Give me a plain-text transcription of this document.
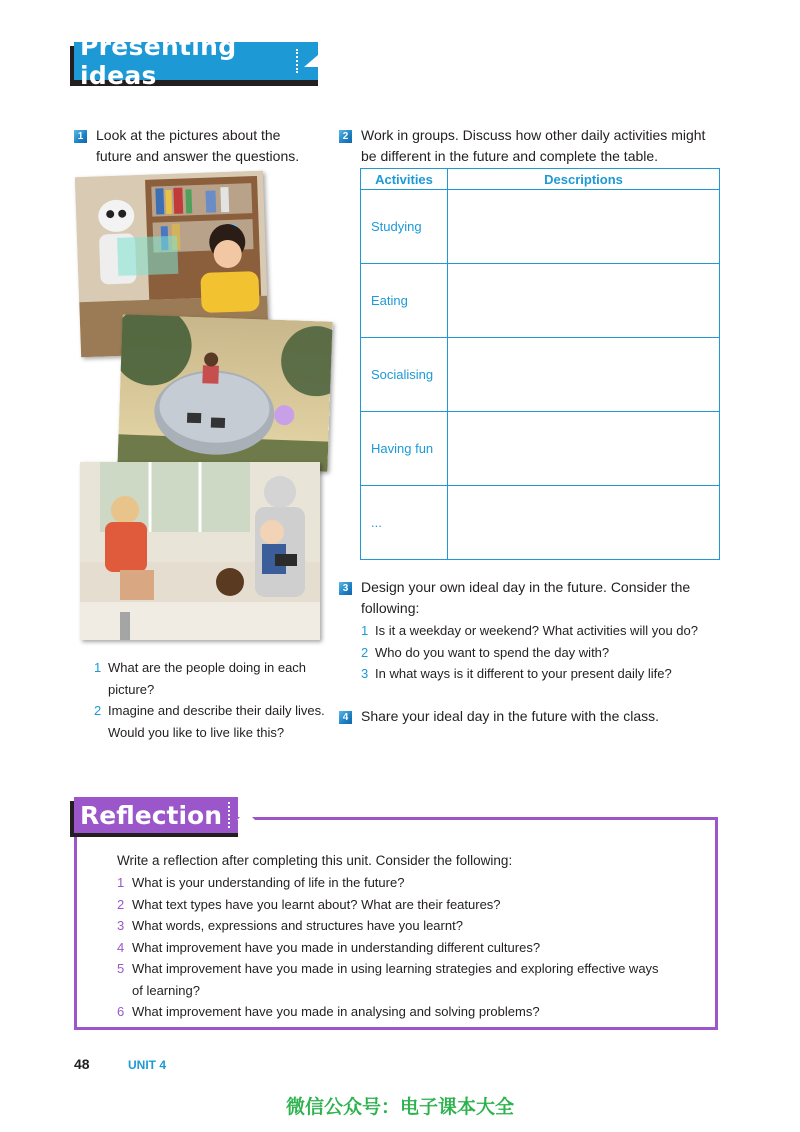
Presenting ideas
1 Look at the pictures about the
future and answer the questions.
1 What are the people doing in each
picture?
2 Imagine and describe their daily lives.
Would you like to live like this?
2 Work in groups. Discuss how other daily activities might
be different in the future and complete the table.
Activities	Descriptions
Studying	
Eating	
Socialising	
Having fun	
...	
3 Design your own ideal day in the future. Consider the
following:
1 Is it a weekday or weekend? What activities will you do?
2 Who do you want to spend the day with?
3 In what ways is it different to your present daily life?
4 Share your ideal day in the future with the class.
Reflection
Write a reflection after completing this unit. Consider the following:
1 What is your understanding of life in the future?
2 What text types have you learnt about? What are their features?
3 What words, expressions and structures have you learnt?
4 What improvement have you made in understanding different cultures?
5 What improvement have you made in using learning strategies and exploring effective ways
of learning?
6 What improvement have you made in analysing and solving problems?
48	UNIT 4
微信公众号：电子课本大全
